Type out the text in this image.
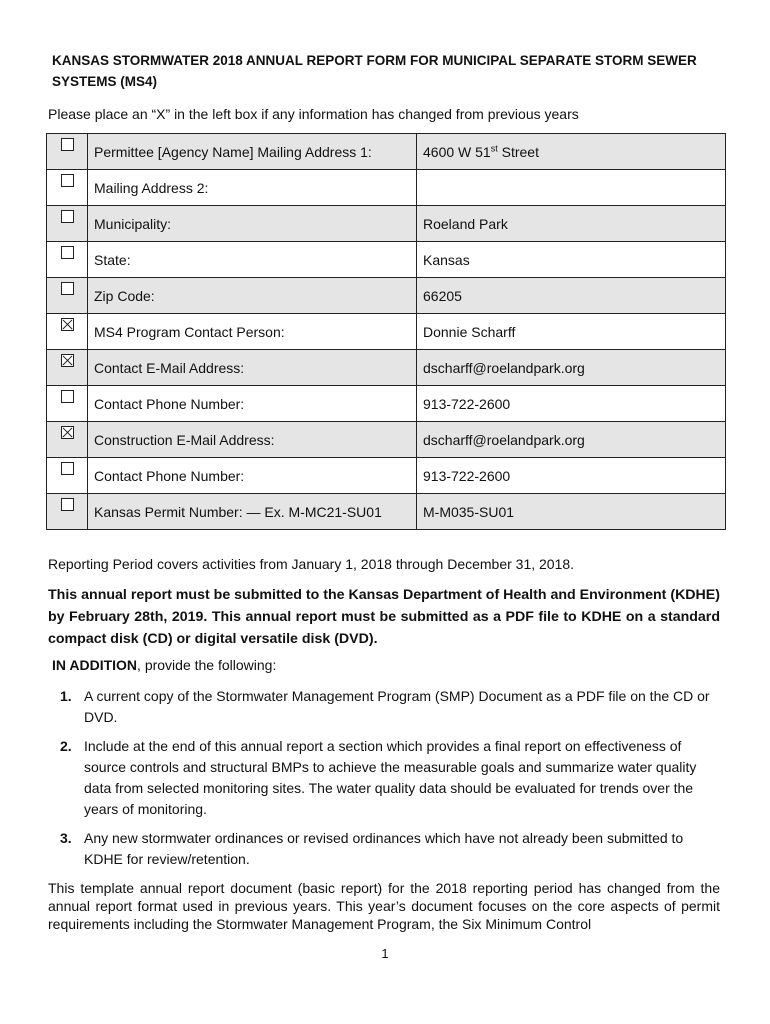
KANSAS STORMWATER 2018 ANNUAL REPORT FORM FOR MUNICIPAL SEPARATE STORM SEWER SYSTEMS (MS4)

Please place an “X” in the left box if any information has changed from previous years

	Permittee [Agency Name] Mailing Address 1:	4600 W 51st Street
	Mailing Address 2:	
	Municipality:	Roeland Park
	State:	Kansas
	Zip Code:	66205
	MS4 Program Contact Person:	Donnie Scharff
	Contact E-Mail Address:	dscharff@roelandpark.org
	Contact Phone Number:	913-722-2600
	Construction E-Mail Address:	dscharff@roelandpark.org
	Contact Phone Number:	913-722-2600
	Kansas Permit Number: — Ex. M-MC21-SU01	M-M035-SU01

Reporting Period covers activities from January 1, 2018 through December 31, 2018.

This annual report must be submitted to the Kansas Department of Health and Environment (KDHE) by February 28th, 2019. This annual report must be submitted as a PDF file to KDHE on a standard compact disk (CD) or digital versatile disk (DVD).

IN ADDITION, provide the following:

1. A current copy of the Stormwater Management Program (SMP) Document as a PDF file on the CD or DVD.
2. Include at the end of this annual report a section which provides a final report on effectiveness of source controls and structural BMPs to achieve the measurable goals and summarize water quality data from selected monitoring sites. The water quality data should be evaluated for trends over the years of monitoring.
3. Any new stormwater ordinances or revised ordinances which have not already been submitted to KDHE for review/retention.

This template annual report document (basic report) for the 2018 reporting period has changed from the annual report format used in previous years. This year’s document focuses on the core aspects of permit requirements including the Stormwater Management Program, the Six Minimum Control

1
